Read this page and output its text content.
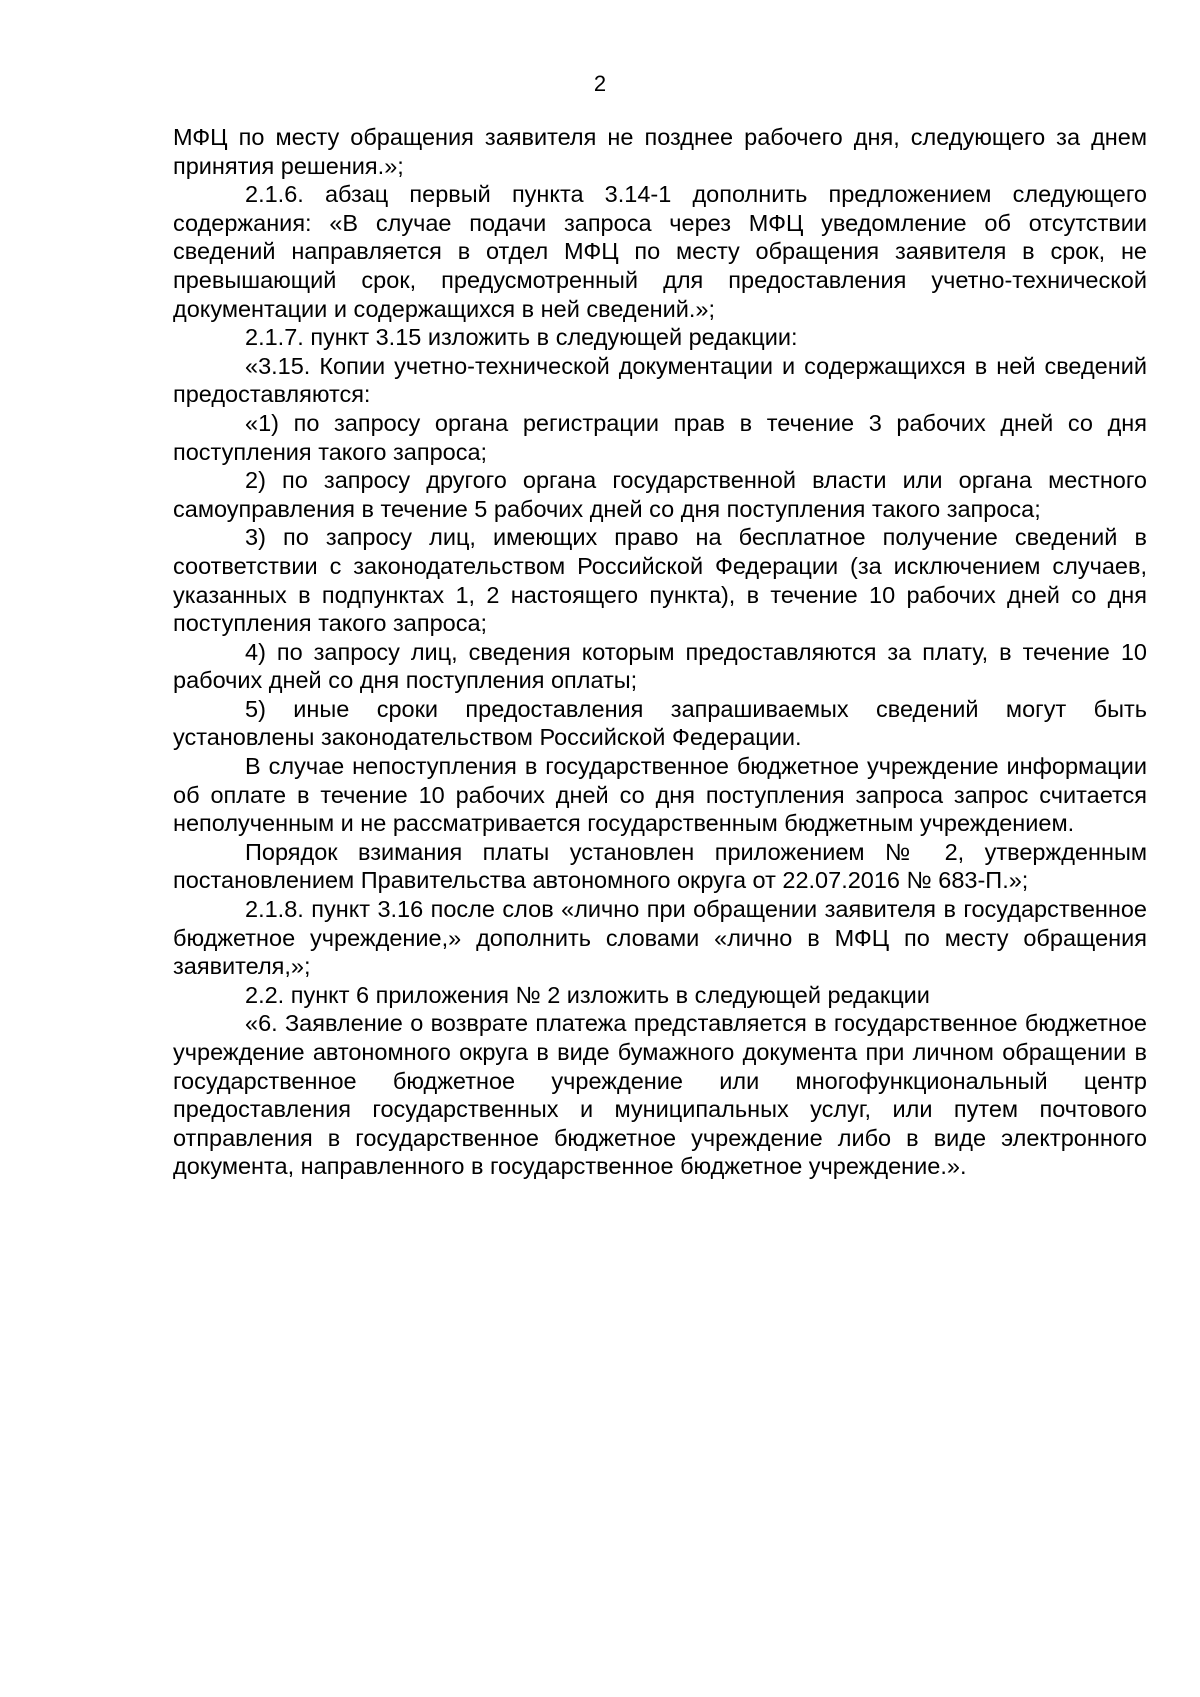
2

МФЦ по месту обращения заявителя не позднее рабочего дня, следующего за днем принятия решения.»;

2.1.6. абзац первый пункта 3.14-1 дополнить предложением следующего содержания: «В случае подачи запроса через МФЦ уведомление об отсутствии сведений направляется в отдел МФЦ по месту обращения заявителя в срок, не превышающий срок, предусмотренный для предоставления учетно-технической документации и содержащихся в ней сведений.»;

2.1.7. пункт 3.15 изложить в следующей редакции:

«3.15. Копии учетно-технической документации и содержащихся в ней сведений предоставляются:

«1) по запросу органа регистрации прав в течение 3 рабочих дней со дня поступления такого запроса;

2) по запросу другого органа государственной власти или органа местного самоуправления в течение 5 рабочих дней со дня поступления такого запроса;

3) по запросу лиц, имеющих право на бесплатное получение сведений в соответствии с законодательством Российской Федерации (за исключением случаев, указанных в подпунктах 1, 2 настоящего пункта), в течение 10 рабочих дней со дня поступления такого запроса;

4) по запросу лиц, сведения которым предоставляются за плату, в течение 10 рабочих дней со дня поступления оплаты;

5) иные сроки предоставления запрашиваемых сведений могут быть установлены законодательством Российской Федерации.

В случае непоступления в государственное бюджетное учреждение информации об оплате в течение 10 рабочих дней со дня поступления запроса запрос считается неполученным и не рассматривается государственным бюджетным учреждением.

Порядок взимания платы установлен приложением № 2, утвержденным постановлением Правительства автономного округа от 22.07.2016 № 683-П.»;

2.1.8. пункт 3.16 после слов «лично при обращении заявителя в государственное бюджетное учреждение,» дополнить словами «лично в МФЦ по месту обращения заявителя,»;

2.2. пункт 6 приложения № 2 изложить в следующей редакции

«6. Заявление о возврате платежа представляется в государственное бюджетное учреждение автономного округа в виде бумажного документа при личном обращении в государственное бюджетное учреждение или многофункциональный центр предоставления государственных и муниципальных услуг, или путем почтового отправления в государственное бюджетное учреждение либо в виде электронного документа, направленного в государственное бюджетное учреждение.».
